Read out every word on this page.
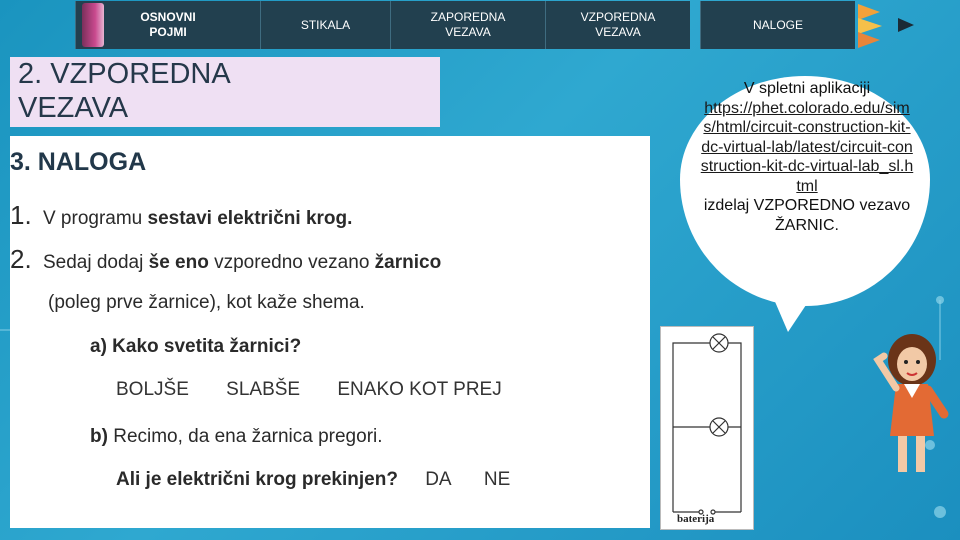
OSNOVNI POJMI
STIKALA
ZAPOREDNA VEZAVA
VZPOREDNA VEZAVA
NALOGE
2. VZPOREDNA VEZAVA
3. NALOGA
1. V programu sestavi električni krog.
2. Sedaj dodaj še eno vzporedno vezano žarnico
(poleg prve žarnice), kot kaže shema.
a) Kako svetita žarnici?
BOLJŠE SLABŠE ENAKO KOT PREJ
b) Recimo, da ena žarnica pregori.
Ali je električni krog prekinjen? DA NE
V spletni aplikaciji
https://phet.colorado.edu/sims/html/circuit-construction-kit-dc-virtual-lab/latest/circuit-construction-kit-dc-virtual-lab_sl.html
izdelaj VZPOREDNO vezavo ŽARNIC.
baterija
